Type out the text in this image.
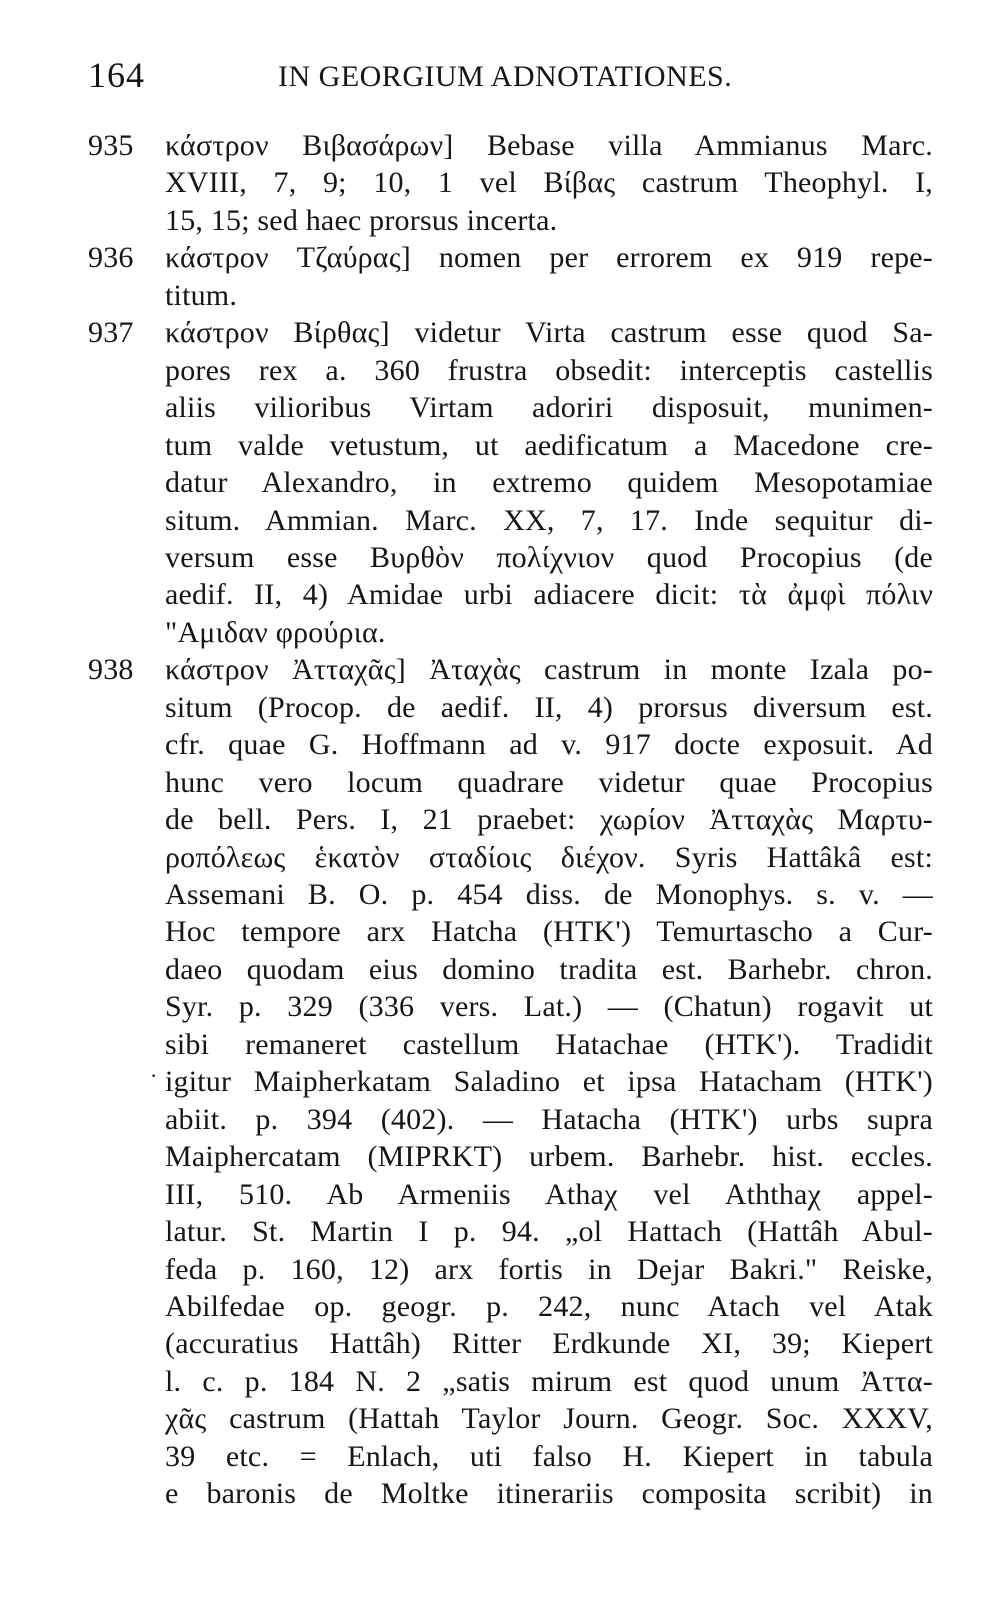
164	IN GEORGIUM ADNOTATIONES.
·
935 κάστρον Βιβασάρων] Bebase villa Ammianus Marc.
XVIII, 7, 9; 10, 1 vel Bίβας castrum Theophyl. I,
15, 15; sed haec prorsus incerta.
936 κάστρον Tζαύρας] nomen per errorem ex 919 repe-
titum.
937 κάστρον Bίρθας] videtur Virta castrum esse quod Sa-
pores rex a. 360 frustra obsedit: interceptis castellis
aliis vilioribus Virtam adoriri disposuit, munimen-
tum valde vetustum, ut aedificatum a Macedone cre-
datur Alexandro, in extremo quidem Mesopotamiae
situm. Ammian. Marc. XX, 7, 17. Inde sequitur di-
versum esse Bυρθὸν πολίχνιον quod Procopius (de
aedif. II, 4) Amidae urbi adiacere dicit: τὰ ἀμφὶ πόλιν
"Αμιδαν φρούρια.
938 κάστρον Ἀτταχᾶς] Ἀταχὰς castrum in monte Izala po-
situm (Procop. de aedif. II, 4) prorsus diversum est.
cfr. quae G. Hoffmann ad v. 917 docte exposuit. Ad
hunc vero locum quadrare videtur quae Procopius
de bell. Pers. I, 21 praebet: χωρίον Ἀτταχὰς Μαρτυ-
ροπόλεως ἑκατὸν σταδίοις διέχον. Syris Hattâkâ est:
Assemani B. O. p. 454 diss. de Monophys. s. v. —
Hoc tempore arx Hatcha (HTK') Temurtascho a Cur-
daeo quodam eius domino tradita est. Barhebr. chron.
Syr. p. 329 (336 vers. Lat.) — (Chatun) rogavit ut
sibi remaneret castellum Hatachae (HTK'). Tradidit
igitur Maipherkatam Saladino et ipsa Hatacham (HTK')
abiit. p. 394 (402). — Hatacha (HTK') urbs supra
Maiphercatam (MIPRKT) urbem. Barhebr. hist. eccles.
III, 510. Ab Armeniis Athaχ vel Aththaχ appel-
latur. St. Martin I p. 94. „ol Hattach (Hattâh Abul-
feda p. 160, 12) arx fortis in Dejar Bakri." Reiske,
Abilfedae op. geogr. p. 242, nunc Atach vel Atak
(accuratius Hattâh) Ritter Erdkunde XI, 39; Kiepert
l. c. p. 184 N. 2 „satis mirum est quod unum Ἀττα-
χᾶς castrum (Hattah Taylor Journ. Geogr. Soc. XXXV,
39 etc. = Enlach, uti falso H. Kiepert in tabula
e baronis de Moltke itinerariis composita scribit) in
